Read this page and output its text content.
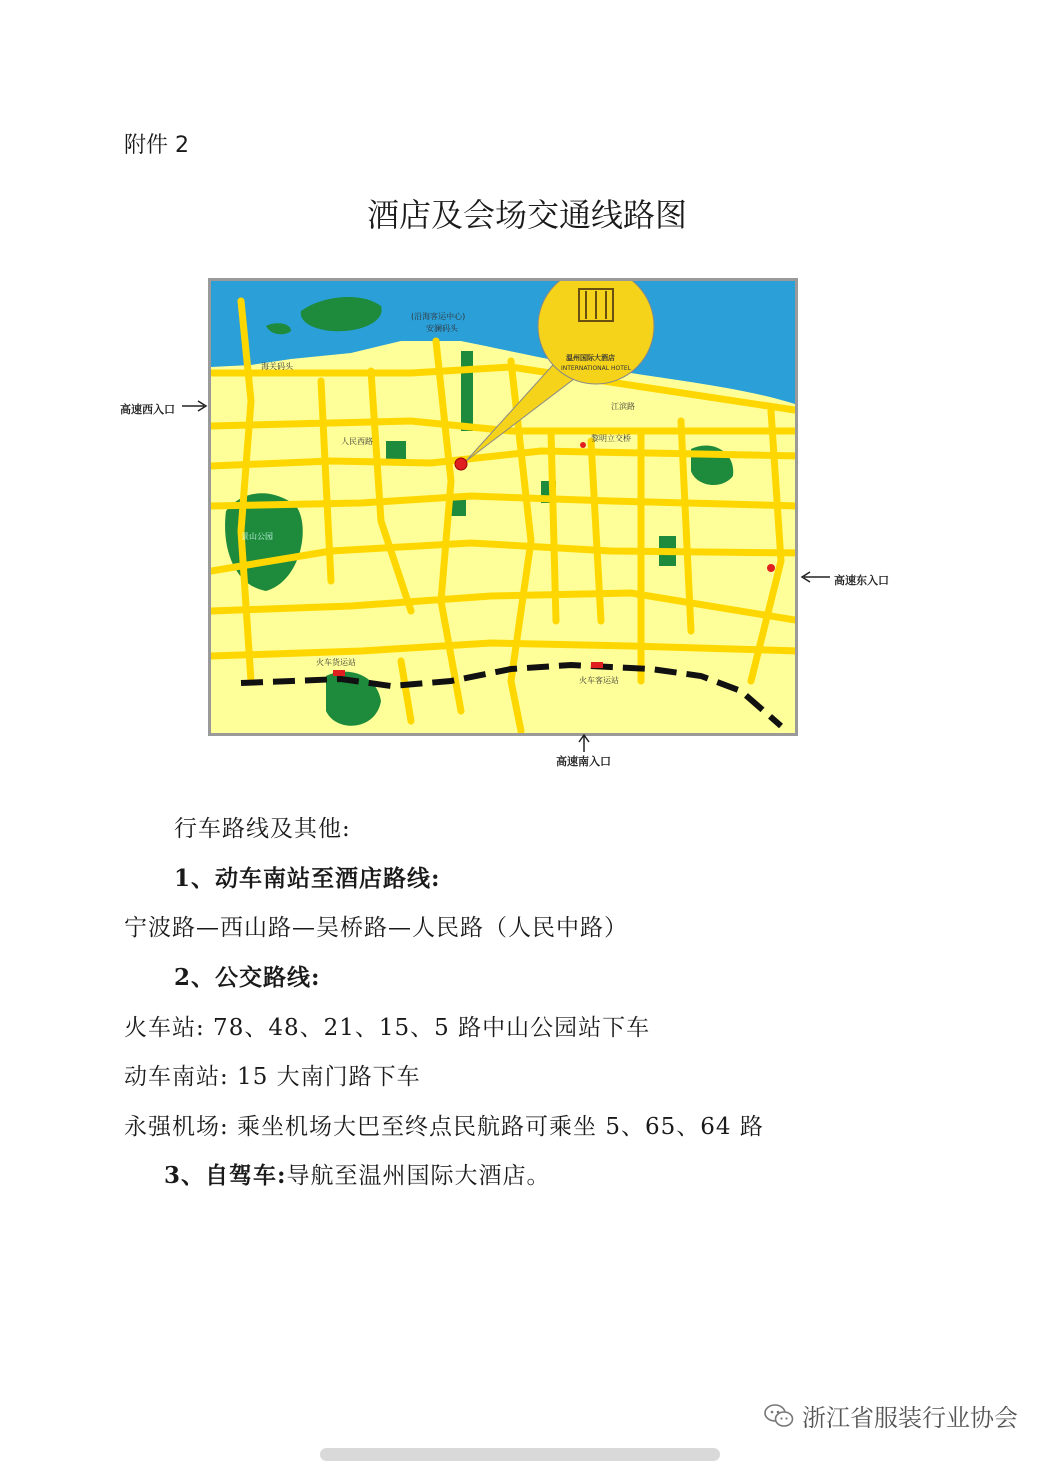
附件 2
酒店及会场交通线路图
温州国际大酒店
INTERNATIONAL HOTEL
(沿海客运中心)
安澜码头
海关码头
人民西路	黎明立交桥
江滨路
景山公园
火车货运站
火车客运站
高速西入口
高速东入口
高速南入口
行车路线及其他:
1、动车南站至酒店路线:
宁波路—西山路—吴桥路—人民路（人民中路）
2、公交路线:
火车站: 78、48、21、15、5 路中山公园站下车
动车南站: 15 大南门路下车
永强机场: 乘坐机场大巴至终点民航路可乘坐 5、65、64 路
3、自驾车:导航至温州国际大酒店。
浙江省服装行业协会
